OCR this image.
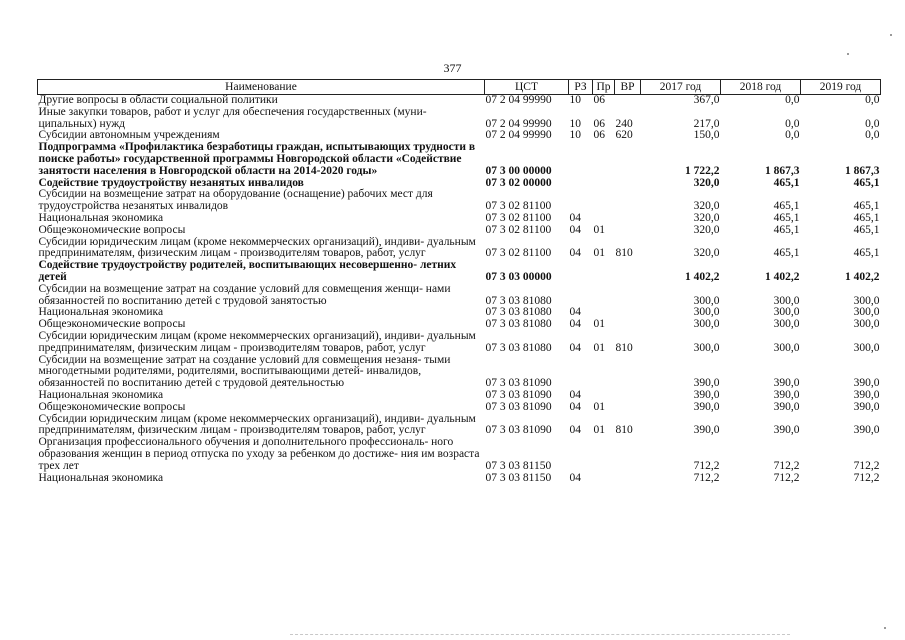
377
Наименование	ЦСТ	РЗ	Пр	ВР	2017 год	2018 год	2019 год
Другие вопросы в области социальной политики	07 2 04 99990	10	06		367,0	0,0	0,0
Иные закупки товаров, работ и услуг для обеспечения государственных (муни- ципальных) нужд	07 2 04 99990	10	06	240	217,0	0,0	0,0
Субсидии автономным учреждениям	07 2 04 99990	10	06	620	150,0	0,0	0,0
Подпрограмма «Профилактика безработицы граждан, испытывающих трудности в поиске работы» государственной программы Новгородской области «Содействие занятости населения в Новгородской области на 2014-2020 годы»	07 3 00 00000				1 722,2	1 867,3	1 867,3
Содействие трудоустройству незанятых инвалидов	07 3 02 00000				320,0	465,1	465,1
Субсидии на возмещение затрат на оборудование (оснащение) рабочих мест для трудоустройства незанятых инвалидов	07 3 02 81100				320,0	465,1	465,1
Национальная экономика	07 3 02 81100	04			320,0	465,1	465,1
Общеэкономические вопросы	07 3 02 81100	04	01		320,0	465,1	465,1
Субсидии юридическим лицам (кроме некоммерческих организаций), индиви- дуальным предпринимателям, физическим лицам - производителям товаров, работ, услуг	07 3 02 81100	04	01	810	320,0	465,1	465,1
Содействие трудоустройству родителей, воспитывающих несовершенно- летних детей	07 3 03 00000				1 402,2	1 402,2	1 402,2
Субсидии на возмещение затрат на создание условий для совмещения женщи- нами обязанностей по воспитанию детей с трудовой занятостью	07 3 03 81080				300,0	300,0	300,0
Национальная экономика	07 3 03 81080	04			300,0	300,0	300,0
Общеэкономические вопросы	07 3 03 81080	04	01		300,0	300,0	300,0
Субсидии юридическим лицам (кроме некоммерческих организаций), индиви- дуальным предпринимателям, физическим лицам - производителям товаров, работ, услуг	07 3 03 81080	04	01	810	300,0	300,0	300,0
Субсидии на возмещение затрат на создание условий для совмещения незаня- тыми многодетными родителями, родителями, воспитывающими детей- инвалидов, обязанностей по воспитанию детей с трудовой деятельностью	07 3 03 81090				390,0	390,0	390,0
Национальная экономика	07 3 03 81090	04			390,0	390,0	390,0
Общеэкономические вопросы	07 3 03 81090	04	01		390,0	390,0	390,0
Субсидии юридическим лицам (кроме некоммерческих организаций), индиви- дуальным предпринимателям, физическим лицам - производителям товаров, работ, услуг	07 3 03 81090	04	01	810	390,0	390,0	390,0
Организация профессионального обучения и дополнительного профессиональ- ного образования женщин в период отпуска по уходу за ребенком до достиже- ния им возраста трех лет	07 3 03 81150				712,2	712,2	712,2
Национальная экономика	07 3 03 81150	04			712,2	712,2	712,2
